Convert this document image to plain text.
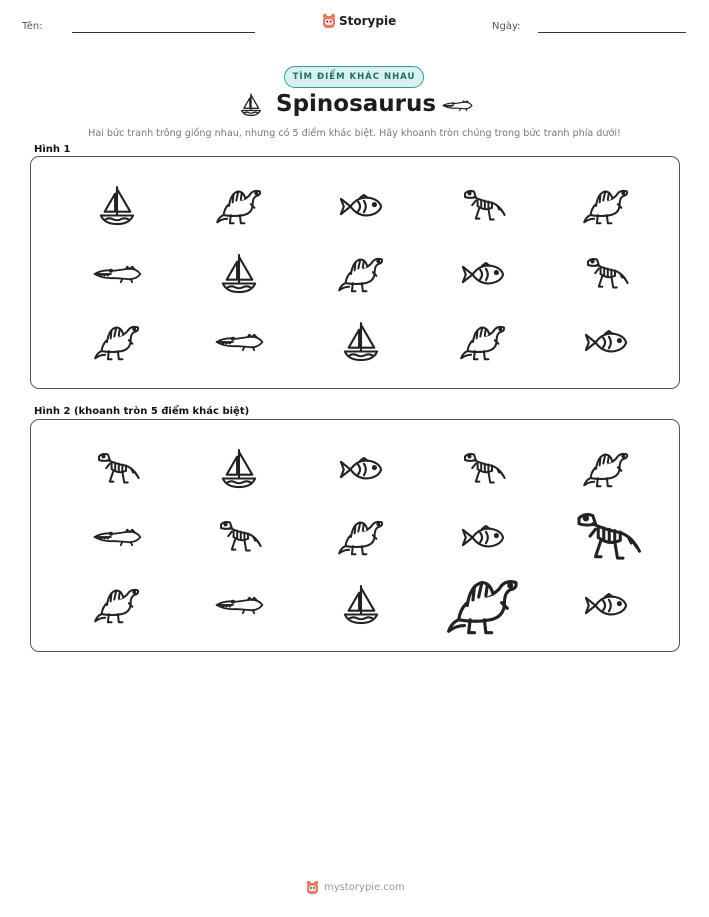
Tên:	Storypie	Ngày:
TÌM ĐIỂM KHÁC NHAU
Spinosaurus
Hai bức tranh trông giống nhau, nhưng có 5 điểm khác biệt. Hãy khoanh tròn chúng trong bức tranh phía dưới!
Hình 1
Hình 2 (khoanh tròn 5 điểm khác biệt)
mystorypie.com
